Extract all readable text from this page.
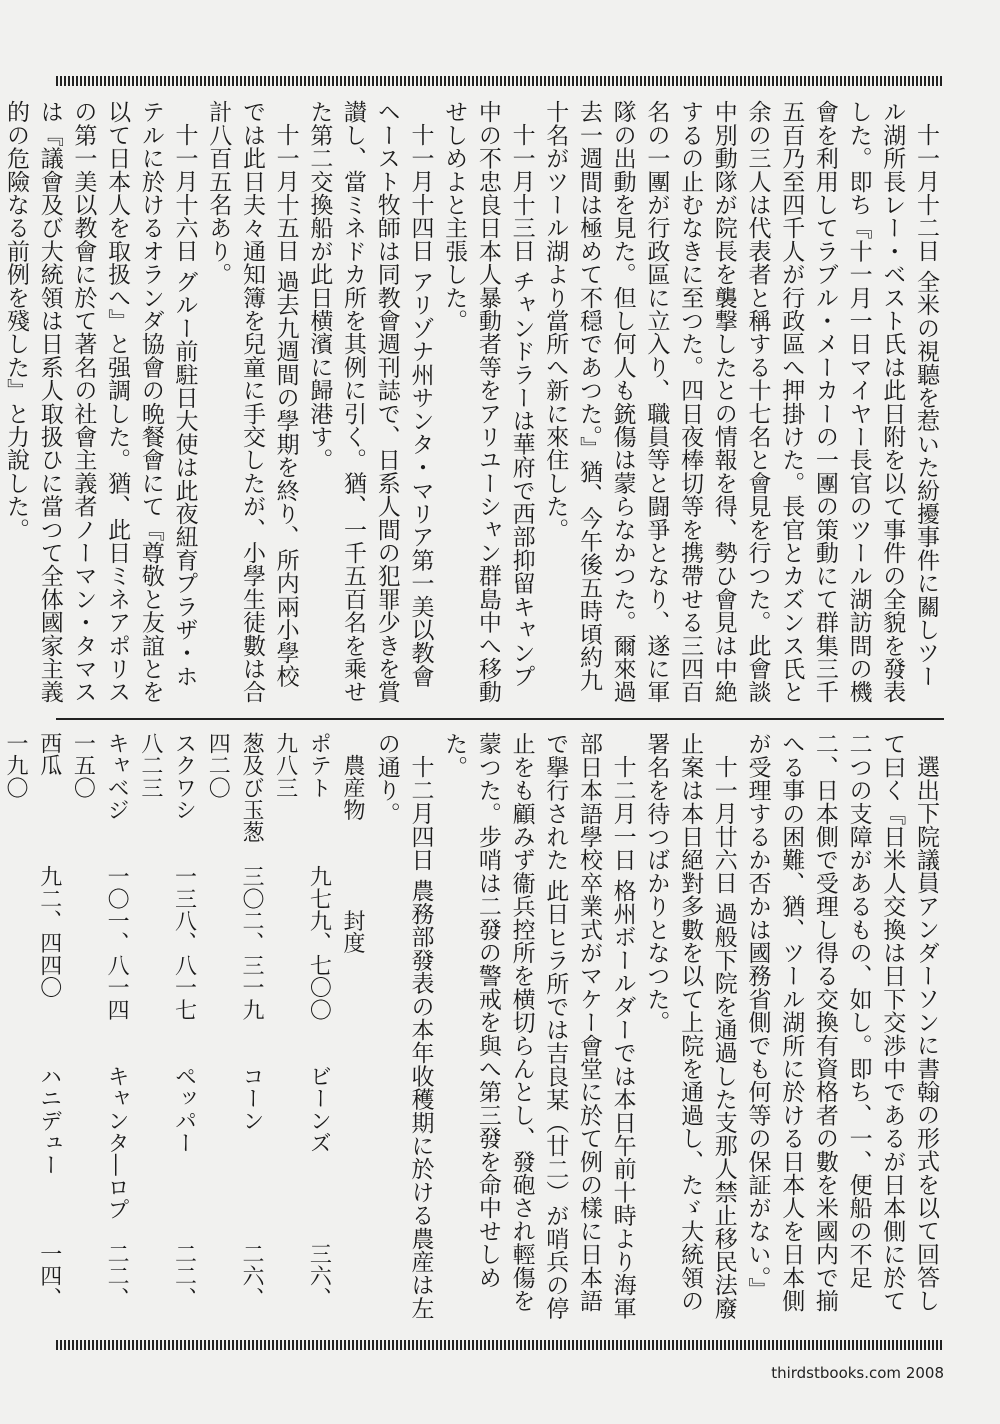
十一月十二日 全米の視聽を惹いた紛擾事件に關しツール湖所長レー・ベスト氏は此日附を以て事件の全貌を發表した。即ち『十一月一日マイヤー長官のツール湖訪問の機會を利用してラブル・メーカーの一團の策動にて群集三千五百乃至四千人が行政區へ押掛けた。長官とカズンス氏と余の三人は代表者と稱する十七名と會見を行つた。此會談中別動隊が院長を襲撃したとの情報を得、勢ひ會見は中絶するの止むなきに至つた。四日夜棒切等を携帶せる三四百名の一團が行政區に立入り、職員等と闘爭となり、遂に軍隊の出動を見た。但し何人も銃傷は蒙らなかつた。爾來過去一週間は極めて不穏であつた。』猶、今午後五時頃約九十名がツール湖より當所へ新に來住した。

十一月十三日 チャンドラーは華府で西部抑留キャンプ中の不忠良日本人暴動者等をアリユーシャン群島中へ移動せしめよと主張した。

十一月十四日 アリゾナ州サンタ・マリア第一美以教會ヘースト牧師は同教會週刊誌で、日系人間の犯罪少きを賞讃し、當ミネドカ所を其例に引く。猶、一千五百名を乘せた第二交換船が此日横濱に歸港す。

十一月十五日 過去九週間の學期を終り、所内兩小學校では此日夫々通知簿を兒童に手交したが、小學生徒數は合計八百五名あり。

十一月十六日 グルー前駐日大使は此夜紐育プラザ・ホテルに於けるオランダ協會の晩餐會にて『尊敬と友誼とを以て日本人を取扱へ』と强調した。猶、此日ミネアポリスの第一美以教會に於て著名の社會主義者ノーマン・タマスは『議會及び大統領は日系人取扱ひに當つて全体國家主義的の危險なる前例を殘した』と力說した。

選出下院議員アンダーソンに書翰の形式を以て回答して曰く『日米人交換は日下交渉中であるが日本側に於て二つの支障があるもの、如し。即ち、一、便船の不足 二、日本側で受理し得る交換有資格者の數を米國内で揃へる事の困難、猶、ツール湖所に於ける日本人を日本側が受理するか否かは國務省側でも何等の保証がない。』

十一月廿六日 過般下院を通過した支那人禁止移民法廢止案は本日絕對多數を以て上院を通過し、たゞ大統領の署名を待つばかりとなつた。

十二月一日 格州ボールダーでは本日午前十時より海軍部日本語學校卒業式がマケー會堂に於て例の樣に日本語で擧行された 此日ヒラ所では吉良某（廿二）が哨兵の停止をも顧みず衞兵控所を横切らんとし、發砲され輕傷を蒙つた。步哨は二發の警戒を與へ第三發を命中せしめた。

十二月四日 農務部發表の本年收穫期に於ける農産は左の通り。

農産物　　　　封度
ポテト　　　九七九、七〇〇　　ビーンズ　　　　三六、九八三
葱及び玉葱　三〇二、三一九　　コーン　　　　　二六、四二〇
スクワシ　　一三八、八一七　　ペッパー　　　　二二、八二三
キャベジ　　一〇一、八一四　　キャンタ―ロプ　二二、一五〇
西瓜　　　　九二、四四〇　　　ハニデュー　　　一四、一九〇

thirdstbooks.com 2008
